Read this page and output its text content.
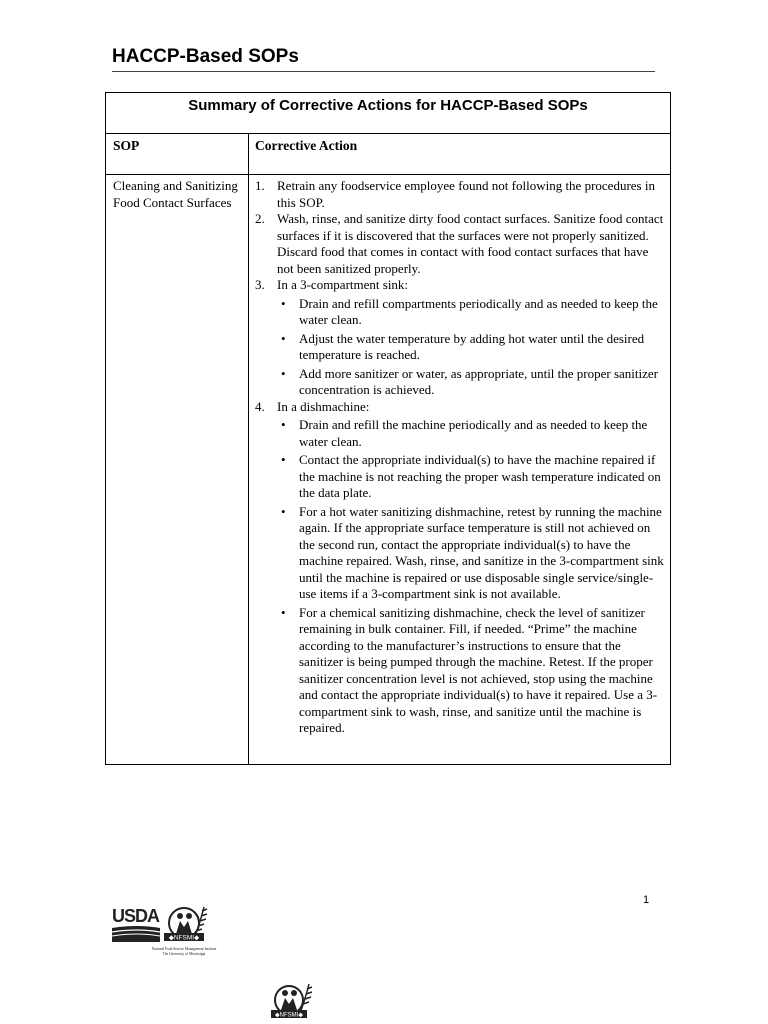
HACCP-Based SOPs
Summary of Corrective Actions for HACCP-Based SOPs
SOP	Corrective Action
Cleaning and Sanitizing Food Contact Surfaces
1. Retrain any foodservice employee found not following the procedures in this SOP.
2. Wash, rinse, and sanitize dirty food contact surfaces. Sanitize food contact surfaces if it is discovered that the surfaces were not properly sanitized. Discard food that comes in contact with food contact surfaces that have not been sanitized properly.
3. In a 3-compartment sink:
• Drain and refill compartments periodically and as needed to keep the water clean.
• Adjust the water temperature by adding hot water until the desired temperature is reached.
• Add more sanitizer or water, as appropriate, until the proper sanitizer concentration is achieved.
4. In a dishmachine:
• Drain and refill the machine periodically and as needed to keep the water clean.
• Contact the appropriate individual(s) to have the machine repaired if the machine is not reaching the proper wash temperature indicated on the data plate.
• For a hot water sanitizing dishmachine, retest by running the machine again. If the appropriate surface temperature is still not achieved on the second run, contact the appropriate individual(s) to have the machine repaired. Wash, rinse, and sanitize in the 3-compartment sink until the machine is repaired or use disposable single service/single-use items if a 3-compartment sink is not available.
• For a chemical sanitizing dishmachine, check the level of sanitizer remaining in bulk container. Fill, if needed. “Prime” the machine according to the manufacturer’s instructions to ensure that the sanitizer is being pumped through the machine. Retest. If the proper sanitizer concentration level is not achieved, stop using the machine and contact the appropriate individual(s) to have it repaired. Use a 3-compartment sink to wash, rinse, and sanitize until the machine is repaired.
1
USDA
◆NFSMI◆
National Food Service Management Institute
The University of Mississippi
◆NFSMI◆
